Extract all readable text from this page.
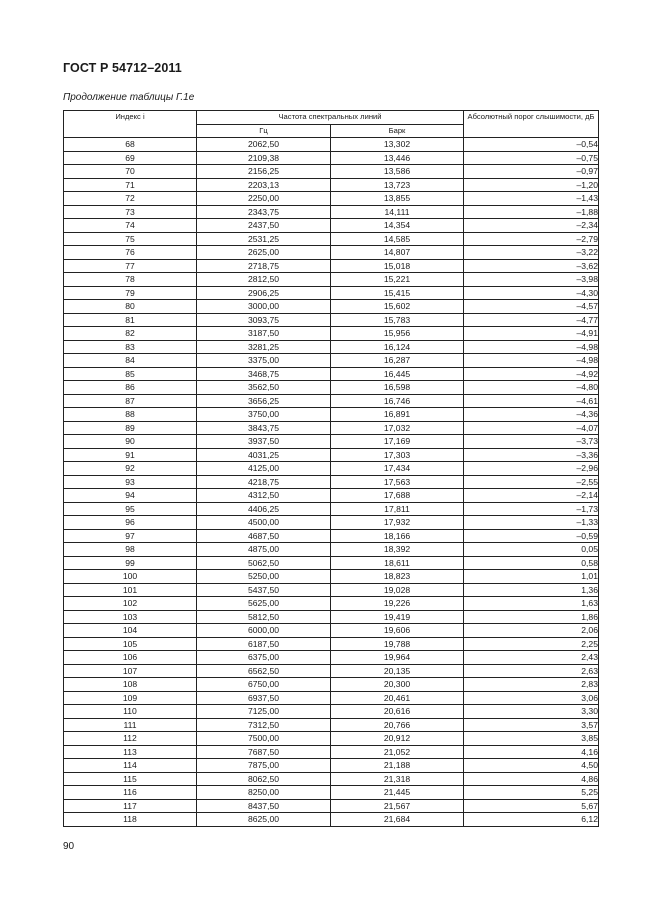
ГОСТ Р 54712–2011
Продолжение таблицы Г.1е
Индекс i	Частота спектральных линий		Абсолютный порог слышимости, дБ
	Гц	Барк	
68	2062,50	13,302	–0,54
69	2109,38	13,446	–0,75
70	2156,25	13,586	–0,97
71	2203,13	13,723	–1,20
72	2250,00	13,855	–1,43
73	2343,75	14,111	–1,88
74	2437,50	14,354	–2,34
75	2531,25	14,585	–2,79
76	2625,00	14,807	–3,22
77	2718,75	15,018	–3,62
78	2812,50	15,221	–3,98
79	2906,25	15,415	–4,30
80	3000,00	15,602	–4,57
81	3093,75	15,783	–4,77
82	3187,50	15,956	–4,91
83	3281,25	16,124	–4,98
84	3375,00	16,287	–4,98
85	3468,75	16,445	–4,92
86	3562,50	16,598	–4,80
87	3656,25	16,746	–4,61
88	3750,00	16,891	–4,36
89	3843,75	17,032	–4,07
90	3937,50	17,169	–3,73
91	4031,25	17,303	–3,36
92	4125,00	17,434	–2,96
93	4218,75	17,563	–2,55
94	4312,50	17,688	–2,14
95	4406,25	17,811	–1,73
96	4500,00	17,932	–1,33
97	4687,50	18,166	–0,59
98	4875,00	18,392	0,05
99	5062,50	18,611	0,58
100	5250,00	18,823	1,01
101	5437,50	19,028	1,36
102	5625,00	19,226	1,63
103	5812,50	19,419	1,86
104	6000,00	19,606	2,06
105	6187,50	19,788	2,25
106	6375,00	19,964	2,43
107	6562,50	20,135	2,63
108	6750,00	20,300	2,83
109	6937,50	20,461	3,06
110	7125,00	20,616	3,30
111	7312,50	20,766	3,57
112	7500,00	20,912	3,85
113	7687,50	21,052	4,16
114	7875,00	21,188	4,50
115	8062,50	21,318	4,86
116	8250,00	21,445	5,25
117	8437,50	21,567	5,67
118	8625,00	21,684	6,12
90
